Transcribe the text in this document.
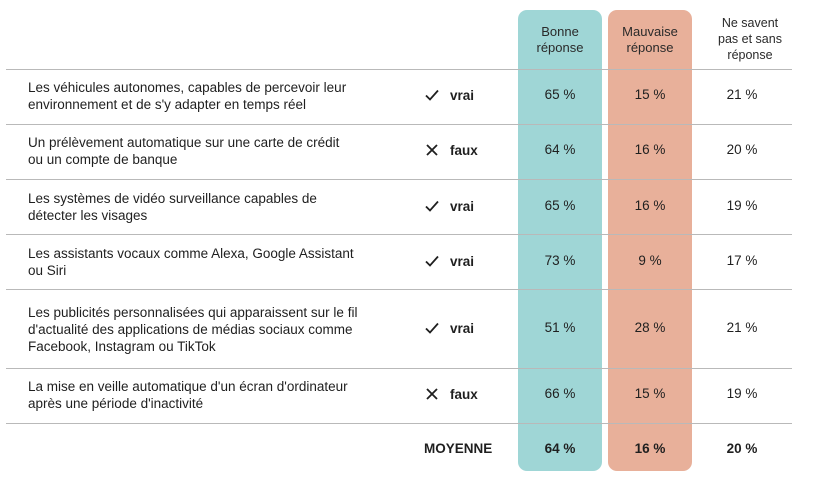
Bonne
réponse
Mauvaise
réponse
Ne savent
pas et sans
réponse
Les véhicules autonomes, capables de percevoir leur
environnement et de s'y adapter en temps réel
vrai	65 %	15 %	21 %
Un prélèvement automatique sur une carte de crédit
ou un compte de banque
faux	64 %	16 %	20 %
Les systèmes de vidéo surveillance capables de
détecter les visages
vrai	65 %	16 %	19 %
Les assistants vocaux comme Alexa, Google Assistant
ou Siri
vrai	73 %	9 %	17 %
Les publicités personnalisées qui apparaissent sur le fil
d'actualité des applications de médias sociaux comme
Facebook, Instagram ou TikTok
vrai	51 %	28 %	21 %
La mise en veille automatique d'un écran d'ordinateur
après une période d'inactivité
faux	66 %	15 %	19 %
MOYENNE	64 %	16 %	20 %
